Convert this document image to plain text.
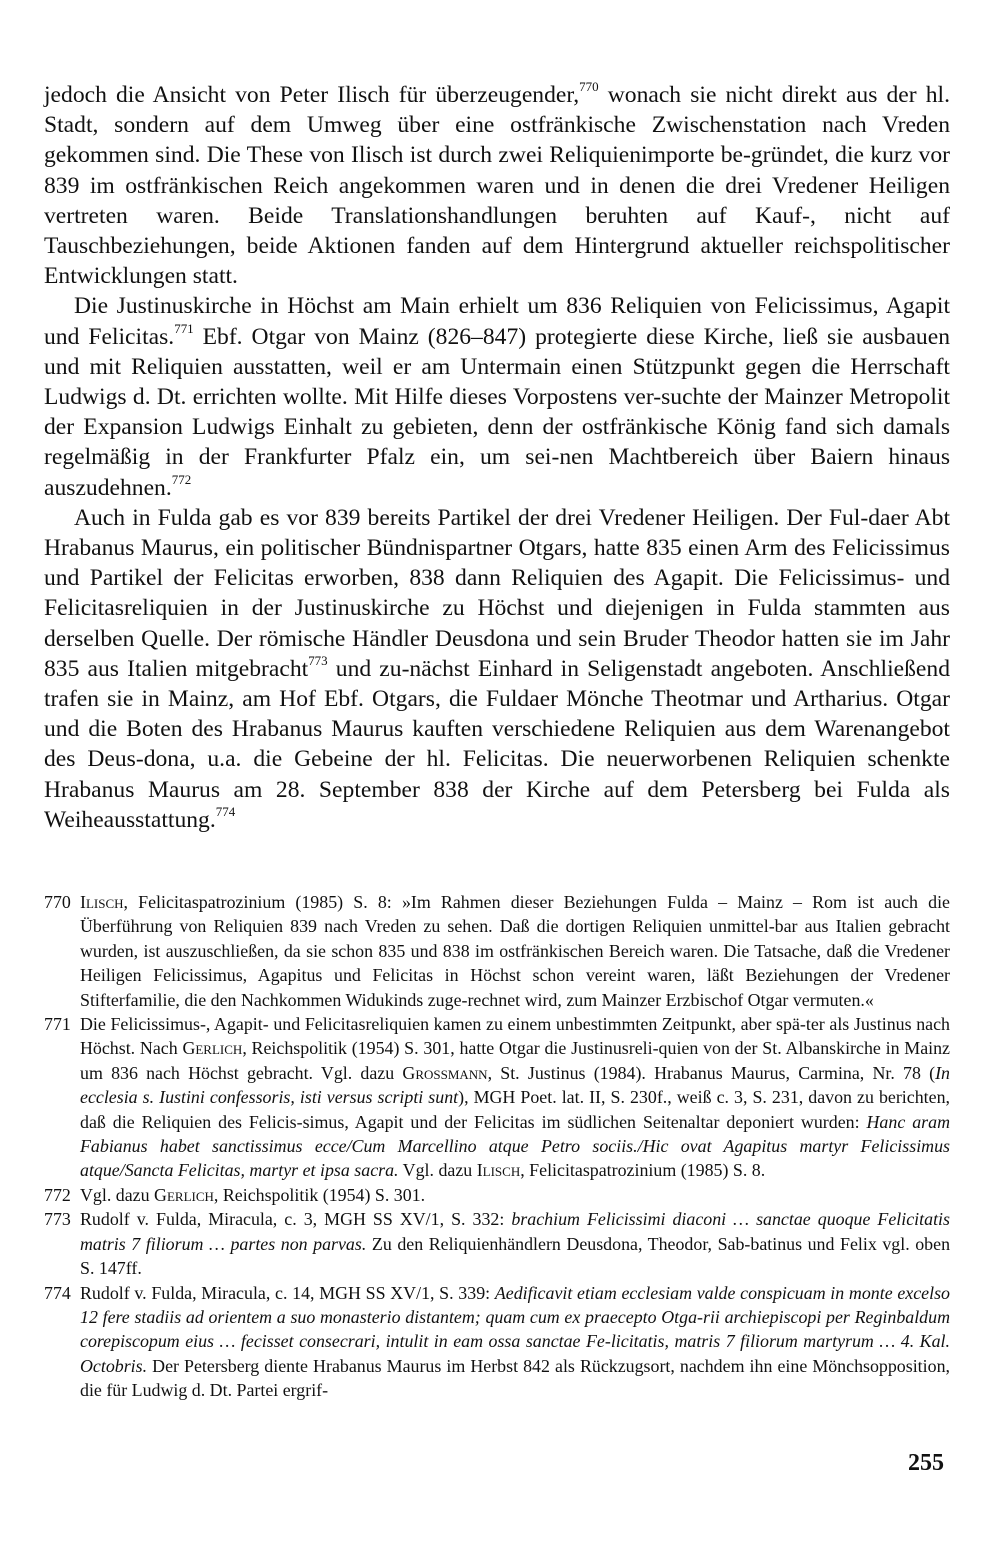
jedoch die Ansicht von Peter Ilisch für überzeugender,$^{770}$ wonach sie nicht direkt aus der hl. Stadt, sondern auf dem Umweg über eine ostfränkische Zwischenstation nach Vreden gekommen sind. Die These von Ilisch ist durch zwei Reliquienimporte be-gründet, die kurz vor 839 im ostfränkischen Reich angekommen waren und in denen die drei Vredener Heiligen vertreten waren. Beide Translationshandlungen beruhten auf Kauf-, nicht auf Tauschbeziehungen, beide Aktionen fanden auf dem Hintergrund aktueller reichspolitischer Entwicklungen statt.

Die Justinuskirche in Höchst am Main erhielt um 836 Reliquien von Felicissimus, Agapit und Felicitas.$^{771}$ Ebf. Otgar von Mainz (826–847) protegierte diese Kirche, ließ sie ausbauen und mit Reliquien ausstatten, weil er am Untermain einen Stützpunkt gegen die Herrschaft Ludwigs d. Dt. errichten wollte. Mit Hilfe dieses Vorpostens ver-suchte der Mainzer Metropolit der Expansion Ludwigs Einhalt zu gebieten, denn der ostfränkische König fand sich damals regelmäßig in der Frankfurter Pfalz ein, um sei-nen Machtbereich über Baiern hinaus auszudehnen.$^{772}$

Auch in Fulda gab es vor 839 bereits Partikel der drei Vredener Heiligen. Der Ful-daer Abt Hrabanus Maurus, ein politischer Bündnispartner Otgars, hatte 835 einen Arm des Felicissimus und Partikel der Felicitas erworben, 838 dann Reliquien des Agapit. Die Felicissimus- und Felicitasreliquien in der Justinuskirche zu Höchst und diejenigen in Fulda stammten aus derselben Quelle. Der römische Händler Deusdona und sein Bruder Theodor hatten sie im Jahr 835 aus Italien mitgebracht$^{773}$ und zu-nächst Einhard in Seligenstadt angeboten. Anschließend trafen sie in Mainz, am Hof Ebf. Otgars, die Fuldaer Mönche Theotmar und Artharius. Otgar und die Boten des Hrabanus Maurus kauften verschiedene Reliquien aus dem Warenangebot des Deus-dona, u.a. die Gebeine der hl. Felicitas. Die neuerworbenen Reliquien schenkte Hrabanus Maurus am 28. September 838 der Kirche auf dem Petersberg bei Fulda als Weiheausstattung.$^{774}$

770 Ilisch, Felicitaspatrozinium (1985) S. 8: »Im Rahmen dieser Beziehungen Fulda – Mainz – Rom ist auch die Überführung von Reliquien 839 nach Vreden zu sehen. Daß die dortigen Reliquien unmittel-bar aus Italien gebracht wurden, ist auszuschließen, da sie schon 835 und 838 im ostfränkischen Bereich waren. Die Tatsache, daß die Vredener Heiligen Felicissimus, Agapitus und Felicitas in Höchst schon vereint waren, läßt Beziehungen der Vredener Stifterfamilie, die den Nachkommen Widukinds zuge-rechnet wird, zum Mainzer Erzbischof Otgar vermuten.«
771 Die Felicissimus-, Agapit- und Felicitasreliquien kamen zu einem unbestimmten Zeitpunkt, aber spä-ter als Justinus nach Höchst. Nach Gerlich, Reichspolitik (1954) S. 301, hatte Otgar die Justinusreli-quien von der St. Albanskirche in Mainz um 836 nach Höchst gebracht. Vgl. dazu Grossmann, St. Justinus (1984). Hrabanus Maurus, Carmina, Nr. 78 (In ecclesia s. Iustini confessoris, isti versus scripti sunt), MGH Poet. lat. II, S. 230f., weiß c. 3, S. 231, davon zu berichten, daß die Reliquien des Felicis-simus, Agapit und der Felicitas im südlichen Seitenaltar deponiert wurden: Hanc aram Fabianus habet sanctissimus ecce/Cum Marcellino atque Petro sociis./Hic ovat Agapitus martyr Felicissimus atque/Sancta Felicitas, martyr et ipsa sacra. Vgl. dazu Ilisch, Felicitaspatrozinium (1985) S. 8.
772 Vgl. dazu Gerlich, Reichspolitik (1954) S. 301.
773 Rudolf v. Fulda, Miracula, c. 3, MGH SS XV/1, S. 332: brachium Felicissimi diaconi … sanctae quoque Felicitatis matris 7 filiorum … partes non parvas. Zu den Reliquienhändlern Deusdona, Theodor, Sab-batinus und Felix vgl. oben S. 147ff.
774 Rudolf v. Fulda, Miracula, c. 14, MGH SS XV/1, S. 339: Aedificavit etiam ecclesiam valde conspicuam in monte excelso 12 fere stadiis ad orientem a suo monasterio distantem; quam cum ex praecepto Otga-rii archiepiscopi per Reginbaldum corepiscopum eius … fecisset consecrari, intulit in eam ossa sanctae Fe-licitatis, matris 7 filiorum martyrum … 4. Kal. Octobris. Der Petersberg diente Hrabanus Maurus im Herbst 842 als Rückzugsort, nachdem ihn eine Mönchsopposition, die für Ludwig d. Dt. Partei ergrif-
255
